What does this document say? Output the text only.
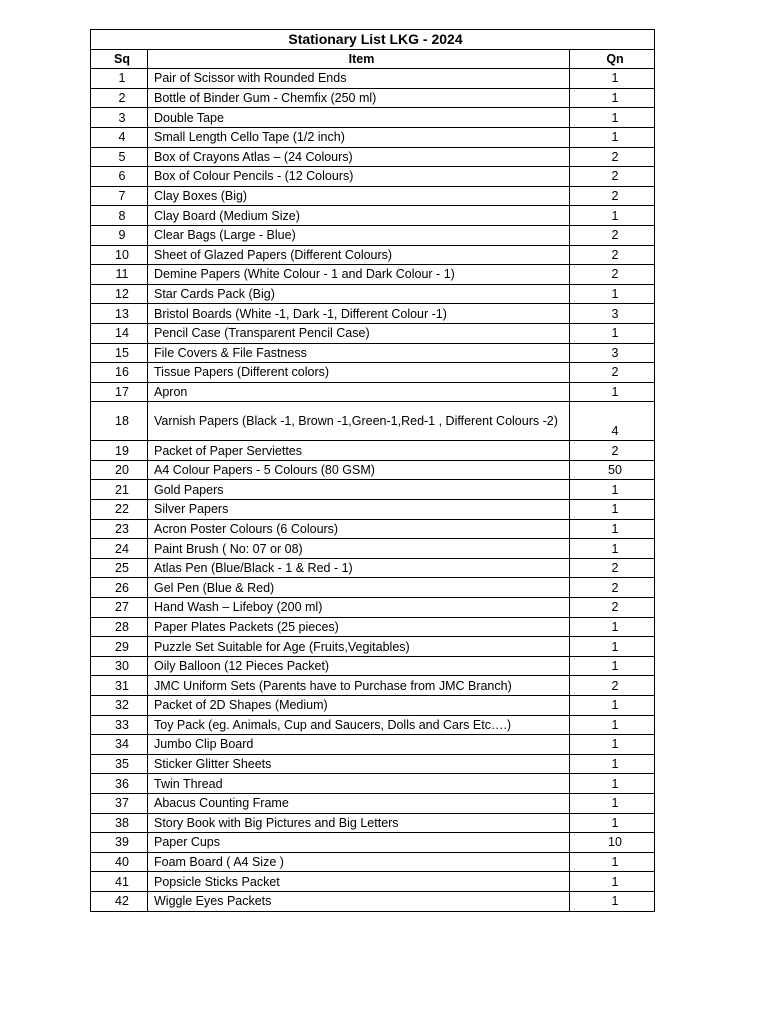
Stationary List LKG - 2024		
Sq	Item	Qn
1	Pair of Scissor with Rounded Ends	1
2	Bottle of Binder Gum - Chemfix (250 ml)	1
3	Double Tape	1
4	Small Length Cello Tape (1/2 inch)	1
5	Box of Crayons Atlas – (24 Colours)	2
6	Box of Colour Pencils - (12 Colours)	2
7	Clay Boxes (Big)	2
8	Clay Board (Medium Size)	1
9	Clear Bags (Large - Blue)	2
10	Sheet of Glazed Papers (Different Colours)	2
11	Demine Papers (White Colour - 1 and Dark Colour - 1)	2
12	Star Cards Pack (Big)	1
13	Bristol Boards (White -1, Dark -1, Different Colour -1)	3
14	Pencil Case (Transparent Pencil Case)	1
15	File Covers & File Fastness	3
16	Tissue Papers (Different colors)	2
17	Apron	1
18	Varnish Papers (Black -1, Brown -1,Green-1,Red-1 , Different Colours -2)	4
19	Packet of Paper Serviettes	2
20	A4 Colour Papers - 5 Colours (80 GSM)	50
21	Gold Papers	1
22	Silver Papers	1
23	Acron Poster Colours (6 Colours)	1
24	Paint Brush ( No: 07 or 08)	1
25	Atlas Pen (Blue/Black - 1 & Red - 1)	2
26	Gel Pen (Blue & Red)	2
27	Hand Wash – Lifeboy (200 ml)	2
28	Paper Plates Packets (25 pieces)	1
29	Puzzle Set Suitable for Age (Fruits,Vegitables)	1
30	Oily Balloon (12 Pieces Packet)	1
31	JMC Uniform Sets (Parents have to Purchase from JMC Branch)	2
32	Packet of 2D Shapes (Medium)	1
33	Toy Pack (eg. Animals, Cup and Saucers, Dolls and Cars Etc….)	1
34	Jumbo Clip Board	1
35	Sticker Glitter Sheets	1
36	Twin Thread	1
37	Abacus Counting Frame	1
38	Story Book with Big Pictures and Big Letters	1
39	Paper Cups	10
40	Foam Board ( A4 Size )	1
41	Popsicle Sticks Packet	1
42	Wiggle Eyes Packets	1
